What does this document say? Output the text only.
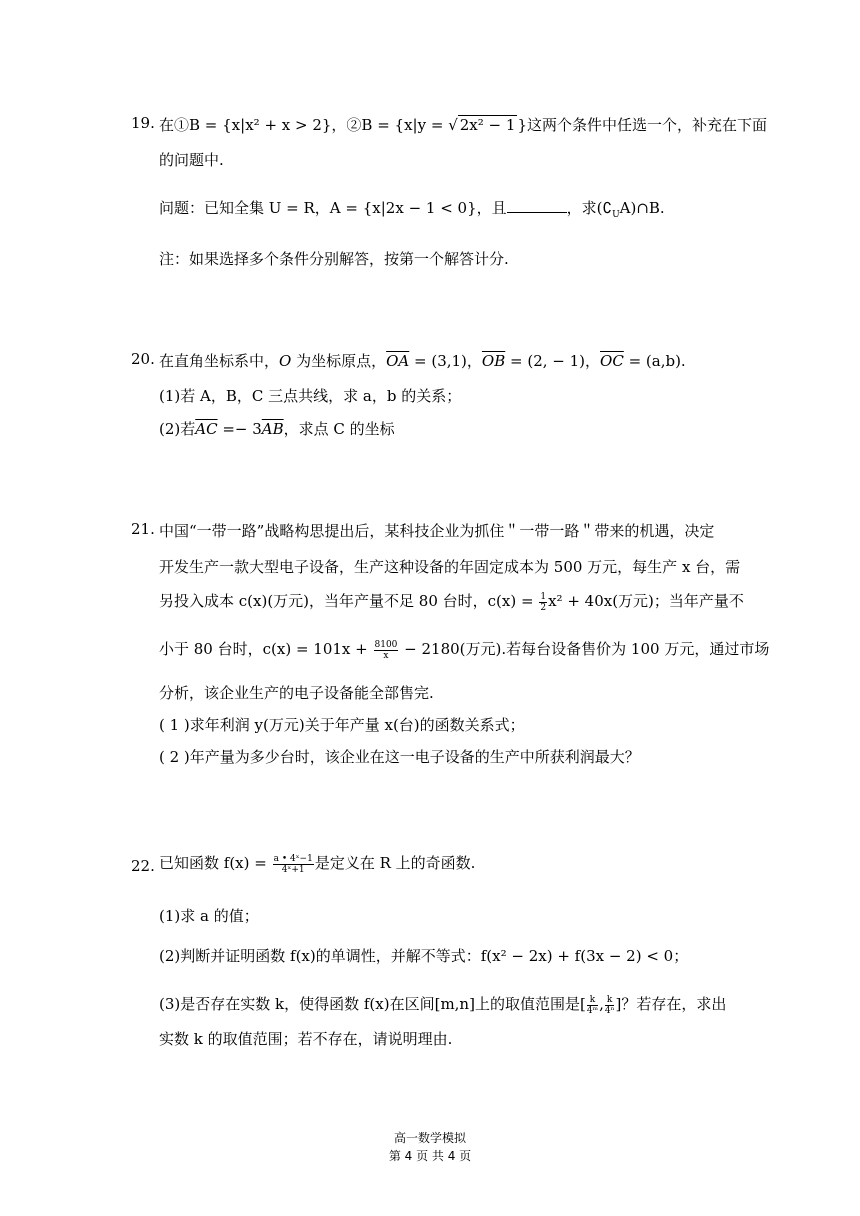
19. 在①B = {x|x² + x > 2}，②B = {x|y = √ 2x² − 1 }这两个条件中任选一个，补充在下面
的问题中.
问题：已知全集 U = R，A = {x|2x − 1 < 0}，且	，求$(∁_UA)\cap B$.
注：如果选择多个条件分别解答，按第一个解答计分.
20. 在直角坐标系中，O 为坐标原点，$\overline{OA} = (3,1)$，$\overline{OB} = (2$, − 1)，$\overline{OC} = (a,b)$.
(1)若 A，B，C 三点共线，求 a，b 的关系；
(2)若$\overline{AC} =- 3\overline{AB}$，求点 C 的坐标
21. 中国“一带一路”战略构思提出后，某科技企业为抓住＂一带一路＂带来的机遇，决定
开发生产一款大型电子设备，生产这种设备的年固定成本为 500 万元，每生产 x 台，需
另投入成本 c(x)(万元)，当年产量不足 80 台时，$c(x) = \frac{1}{2} x^2 + 40x$(万元)；当年产量不
小于 80 台时，$c(x) = 101x + \frac{8100}{x} - 2180$(万元).若每台设备售价为 100 万元，通过市场
分析，该企业生产的电子设备能全部售完.
( 1 )求年利润 y(万元)关于年产量 x(台)的函数关系式；
( 2 )年产量为多少台时，该企业在这一电子设备的生产中所获利润最大？
22. 已知函数 $f(x) = \frac{\text{a • 4ˣ−1}}{\text{4ˣ+1}}$ 是定义在 R 上的奇函数.
(1)求 a 的值；
(2)判断并证明函数 f(x)的单调性，并解不等式：f(x² − 2x) + f(3x − 2) < 0；
(3)是否存在实数 k，使得函数 f(x)在区间[m,n]上的取值范围是[ $\frac{k}{\text{4ᵐ}}$ , $\frac{k}{\text{4ⁿ}}$ ]？若存在，求出
实数 k 的取值范围；若不存在，请说明理由.
高一数学模拟
第 4 页 共 4 页
